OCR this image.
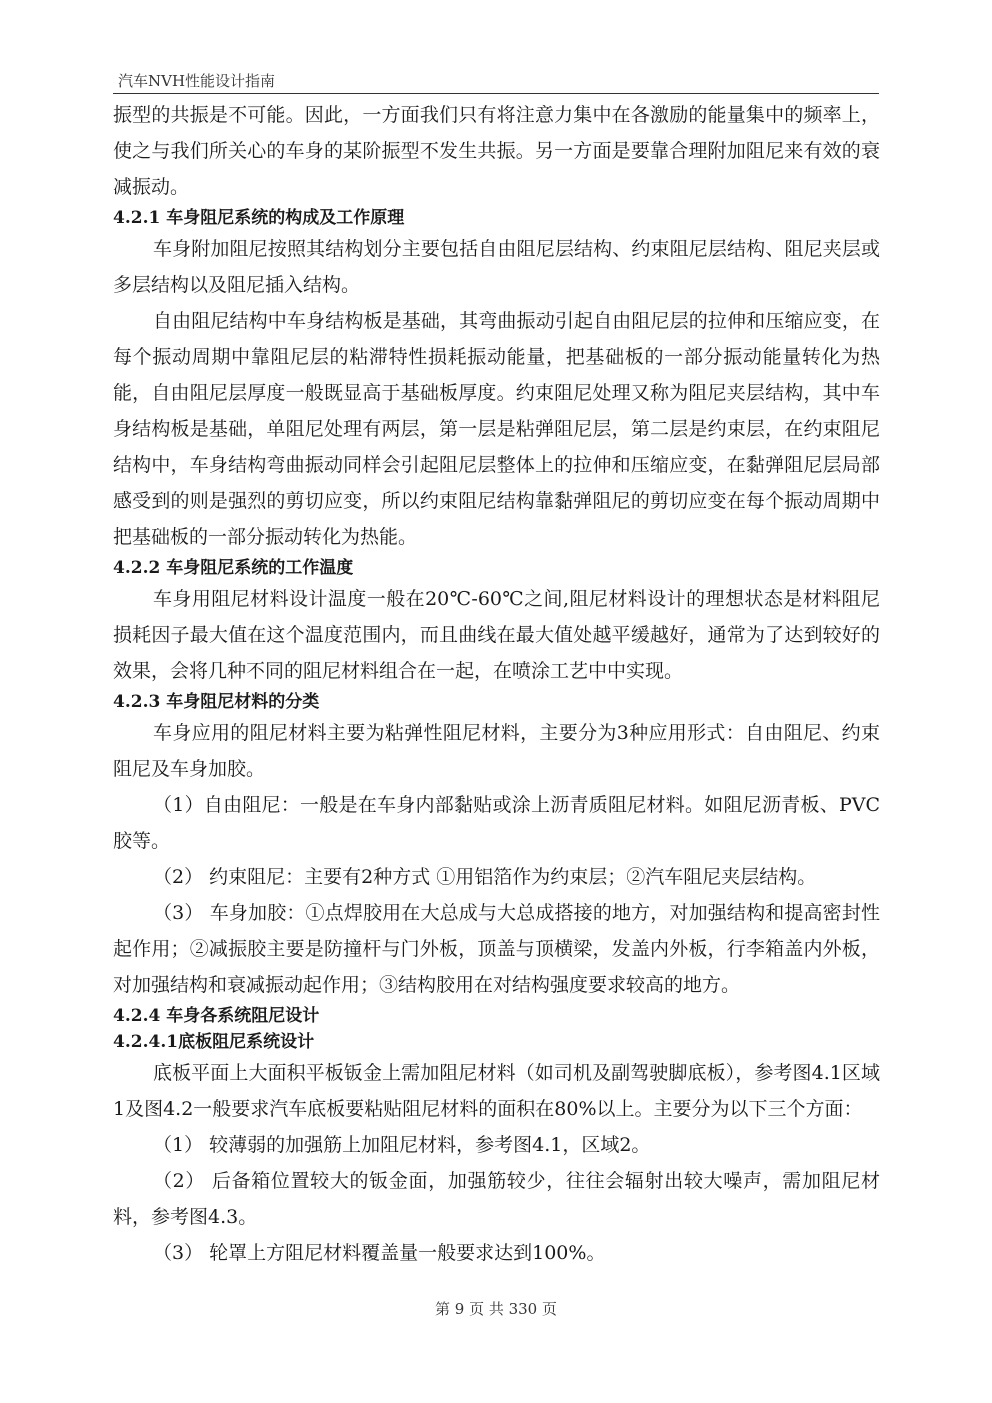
汽车NVH性能设计指南

振型的共振是不可能。因此，一方面我们只有将注意力集中在各激励的能量集中的频率上，使之与我们所关心的车身的某阶振型不发生共振。另一方面是要靠合理附加阻尼来有效的衰减振动。

4.2.1 车身阻尼系统的构成及工作原理

车身附加阻尼按照其结构划分主要包括自由阻尼层结构、约束阻尼层结构、阻尼夹层或多层结构以及阻尼插入结构。

自由阻尼结构中车身结构板是基础，其弯曲振动引起自由阻尼层的拉伸和压缩应变，在每个振动周期中靠阻尼层的粘滞特性损耗振动能量，把基础板的一部分振动能量转化为热能，自由阻尼层厚度一般既显高于基础板厚度。约束阻尼处理又称为阻尼夹层结构，其中车身结构板是基础，单阻尼处理有两层，第一层是粘弹阻尼层，第二层是约束层，在约束阻尼结构中，车身结构弯曲振动同样会引起阻尼层整体上的拉伸和压缩应变，在黏弹阻尼层局部感受到的则是强烈的剪切应变，所以约束阻尼结构靠黏弹阻尼的剪切应变在每个振动周期中把基础板的一部分振动转化为热能。

4.2.2 车身阻尼系统的工作温度

车身用阻尼材料设计温度一般在20℃-60℃之间,阻尼材料设计的理想状态是材料阻尼损耗因子最大值在这个温度范围内，而且曲线在最大值处越平缓越好，通常为了达到较好的效果，会将几种不同的阻尼材料组合在一起，在喷涂工艺中中实现。

4.2.3 车身阻尼材料的分类

车身应用的阻尼材料主要为粘弹性阻尼材料，主要分为3种应用形式：自由阻尼、约束阻尼及车身加胶。

（1）自由阻尼：一般是在车身内部黏贴或涂上沥青质阻尼材料。如阻尼沥青板、PVC胶等。

（2） 约束阻尼：主要有2种方式 ①用铝箔作为约束层；②汽车阻尼夹层结构。

（3） 车身加胶：①点焊胶用在大总成与大总成搭接的地方，对加强结构和提高密封性起作用；②减振胶主要是防撞杆与门外板，顶盖与顶横梁，发盖内外板，行李箱盖内外板，对加强结构和衰减振动起作用；③结构胶用在对结构强度要求较高的地方。

4.2.4 车身各系统阻尼设计
4.2.4.1底板阻尼系统设计

底板平面上大面积平板钣金上需加阻尼材料（如司机及副驾驶脚底板），参考图4.1区域1及图4.2一般要求汽车底板要粘贴阻尼材料的面积在80%以上。主要分为以下三个方面：

（1） 较薄弱的加强筋上加阻尼材料，参考图4.1，区域2。

（2） 后备箱位置较大的钣金面，加强筋较少，往往会辐射出较大噪声，需加阻尼材料，参考图4.3。

（3） 轮罩上方阻尼材料覆盖量一般要求达到100%。

第 9 页 共 330 页
